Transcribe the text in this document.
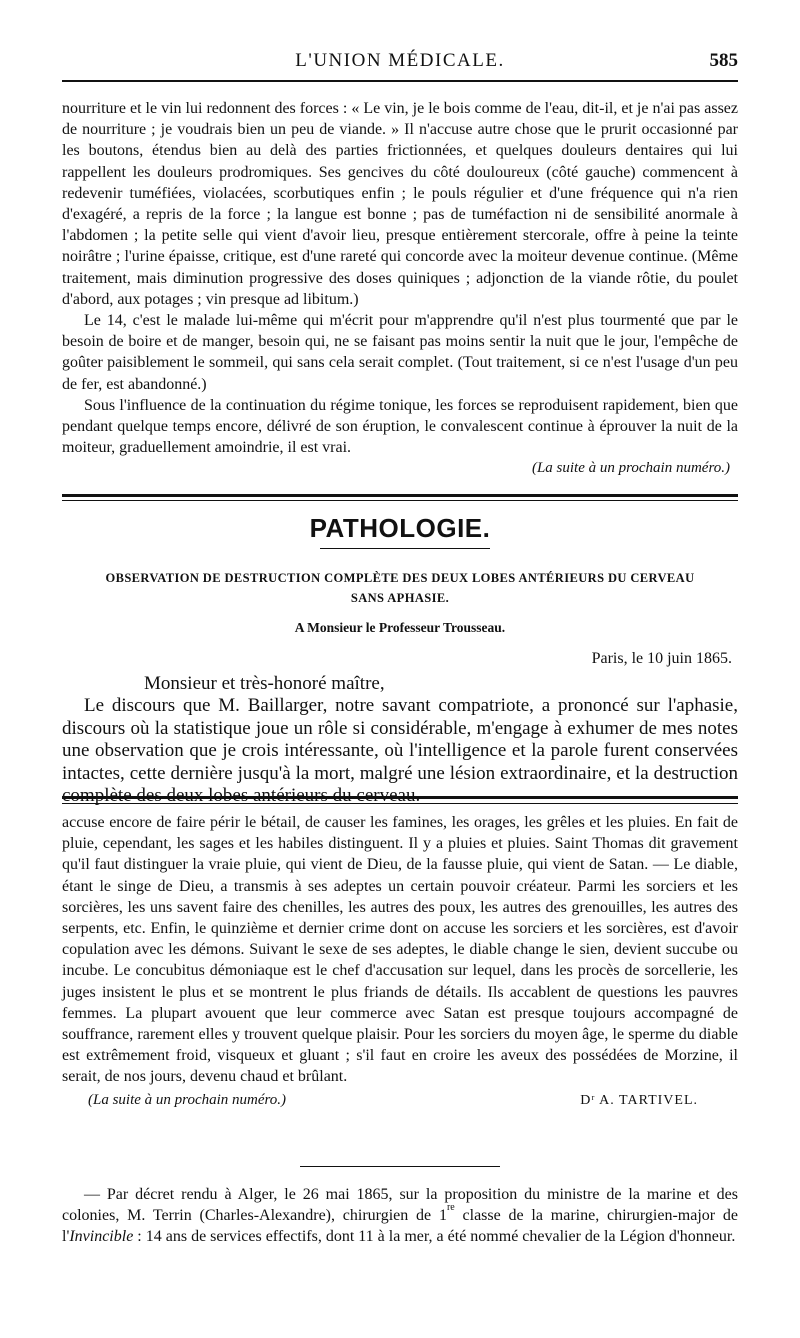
L'UNION MÉDICALE.	585

nourriture et le vin lui redonnent des forces : « Le vin, je le bois comme de l'eau, dit-il, et je n'ai pas assez de nourriture ; je voudrais bien un peu de viande. » Il n'accuse autre chose que le prurit occasionné par les boutons, étendus bien au delà des parties frictionnées, et quelques douleurs dentaires qui lui rappellent les douleurs prodromiques. Ses gencives du côté douloureux (côté gauche) commencent à redevenir tuméfiées, violacées, scorbutiques enfin ; le pouls régulier et d'une fréquence qui n'a rien d'exagéré, a repris de la force ; la langue est bonne ; pas de tuméfaction ni de sensibilité anormale à l'abdomen ; la petite selle qui vient d'avoir lieu, presque entièrement stercorale, offre à peine la teinte noirâtre ; l'urine épaisse, critique, est d'une rareté qui concorde avec la moiteur devenue continue. (Même traitement, mais diminution progressive des doses quiniques ; adjonction de la viande rôtie, du poulet d'abord, aux potages ; vin presque ad libitum.)

Le 14, c'est le malade lui-même qui m'écrit pour m'apprendre qu'il n'est plus tourmenté que par le besoin de boire et de manger, besoin qui, ne se faisant pas moins sentir la nuit que le jour, l'empêche de goûter paisiblement le sommeil, qui sans cela serait complet. (Tout traitement, si ce n'est l'usage d'un peu de fer, est abandonné.)

Sous l'influence de la continuation du régime tonique, les forces se reproduisent rapidement, bien que pendant quelque temps encore, délivré de son éruption, le convalescent continue à éprouver la nuit de la moiteur, graduellement amoindrie, il est vrai.

(La suite à un prochain numéro.)

PATHOLOGIE.
OBSERVATION DE DESTRUCTION COMPLÈTE DES DEUX LOBES ANTÉRIEURS DU CERVEAU
SANS APHASIE.
A Monsieur le Professeur Trousseau.

Paris, le 10 juin 1865.

Monsieur et très-honoré maître,

Le discours que M. Baillarger, notre savant compatriote, a prononcé sur l'aphasie, discours où la statistique joue un rôle si considérable, m'engage à exhumer de mes notes une observation que je crois intéressante, où l'intelligence et la parole furent conservées intactes, cette dernière jusqu'à la mort, malgré une lésion extraordinaire, et la destruction complète des deux lobes antérieurs du cerveau.

accuse encore de faire périr le bétail, de causer les famines, les orages, les grêles et les pluies. En fait de pluie, cependant, les sages et les habiles distinguent. Il y a pluies et pluies. Saint Thomas dit gravement qu'il faut distinguer la vraie pluie, qui vient de Dieu, de la fausse pluie, qui vient de Satan. — Le diable, étant le singe de Dieu, a transmis à ses adeptes un certain pouvoir créateur. Parmi les sorciers et les sorcières, les uns savent faire des chenilles, les autres des poux, les autres des grenouilles, les autres des serpents, etc. Enfin, le quinzième et dernier crime dont on accuse les sorciers et les sorcières, est d'avoir copulation avec les démons. Suivant le sexe de ses adeptes, le diable change le sien, devient succube ou incube. Le concubitus démoniaque est le chef d'accusation sur lequel, dans les procès de sorcellerie, les juges insistent le plus et se montrent le plus friands de détails. Ils accablent de questions les pauvres femmes. La plupart avouent que leur commerce avec Satan est presque toujours accompagné de souffrance, rarement elles y trouvent quelque plaisir. Pour les sorciers du moyen âge, le sperme du diable est extrêmement froid, visqueux et gluant ; s'il faut en croire les aveux des possédées de Morzine, il serait, de nos jours, devenu chaud et brûlant.

(La suite à un prochain numéro.)	Dʳ A. TARTIVEL.

— Par décret rendu à Alger, le 26 mai 1865, sur la proposition du ministre de la marine et des colonies, M. Terrin (Charles-Alexandre), chirurgien de 1re classe de la marine, chirurgien-major de l'Invincible : 14 ans de services effectifs, dont 11 à la mer, a été nommé chevalier de la Légion d'honneur.
